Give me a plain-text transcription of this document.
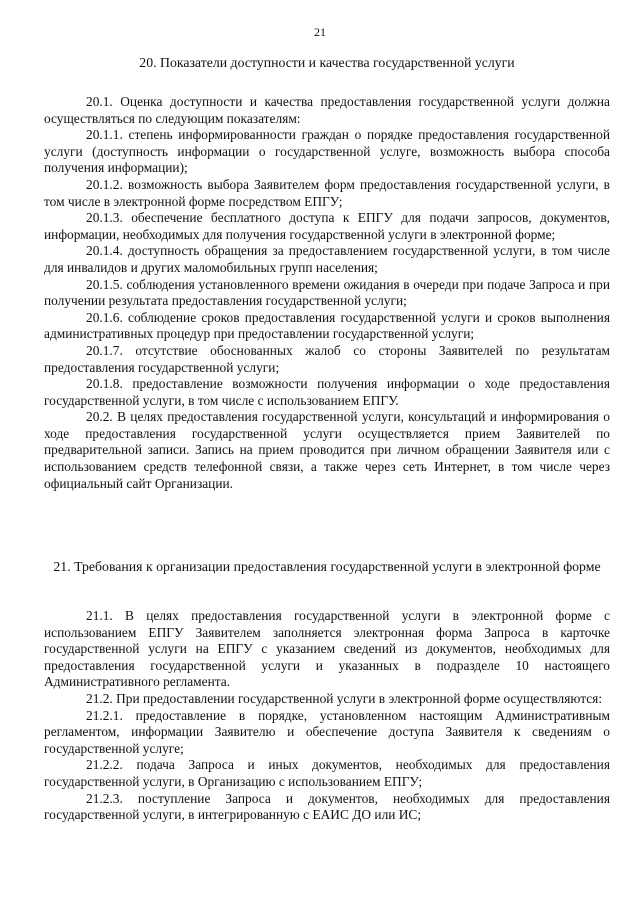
21
20. Показатели доступности и качества государственной услуги

20.1. Оценка доступности и качества предоставления государственной услуги должна осуществляться по следующим показателям:

20.1.1. степень информированности граждан о порядке предоставления государственной услуги (доступность информации о государственной услуге, возможность выбора способа получения информации);

20.1.2. возможность выбора Заявителем форм предоставления государственной услуги, в том числе в электронной форме посредством ЕПГУ;

20.1.3. обеспечение бесплатного доступа к ЕПГУ для подачи запросов, документов, информации, необходимых для получения государственной услуги в электронной форме;

20.1.4. доступность обращения за предоставлением государственной услуги, в том числе для инвалидов и других маломобильных групп населения;

20.1.5. соблюдения установленного времени ожидания в очереди при подаче Запроса и при получении результата предоставления государственной услуги;

20.1.6. соблюдение сроков предоставления государственной услуги и сроков выполнения административных процедур при предоставлении государственной услуги;

20.1.7. отсутствие обоснованных жалоб со стороны Заявителей по результатам предоставления государственной услуги;

20.1.8. предоставление возможности получения информации о ходе предоставления государственной услуги, в том числе с использованием ЕПГУ.

20.2. В целях предоставления государственной услуги, консультаций и информирования о ходе предоставления государственной услуги осуществляется прием Заявителей по предварительной записи. Запись на прием проводится при личном обращении Заявителя или с использованием средств телефонной связи, а также через сеть Интернет, в том числе через официальный сайт Организации.

21. Требования к организации предоставления государственной услуги в электронной форме

21.1. В целях предоставления государственной услуги в электронной форме с использованием ЕПГУ Заявителем заполняется электронная форма Запроса в карточке государственной услуги на ЕПГУ с указанием сведений из документов, необходимых для предоставления государственной услуги и указанных в подразделе 10 настоящего Административного регламента.

21.2. При предоставлении государственной услуги в электронной форме осуществляются:

21.2.1. предоставление в порядке, установленном настоящим Административным регламентом, информации Заявителю и обеспечение доступа Заявителя к сведениям о государственной услуге;

21.2.2. подача Запроса и иных документов, необходимых для предоставления государственной услуги, в Организацию с использованием ЕПГУ;

21.2.3. поступление Запроса и документов, необходимых для предоставления государственной услуги, в интегрированную с ЕАИС ДО или ИС;
